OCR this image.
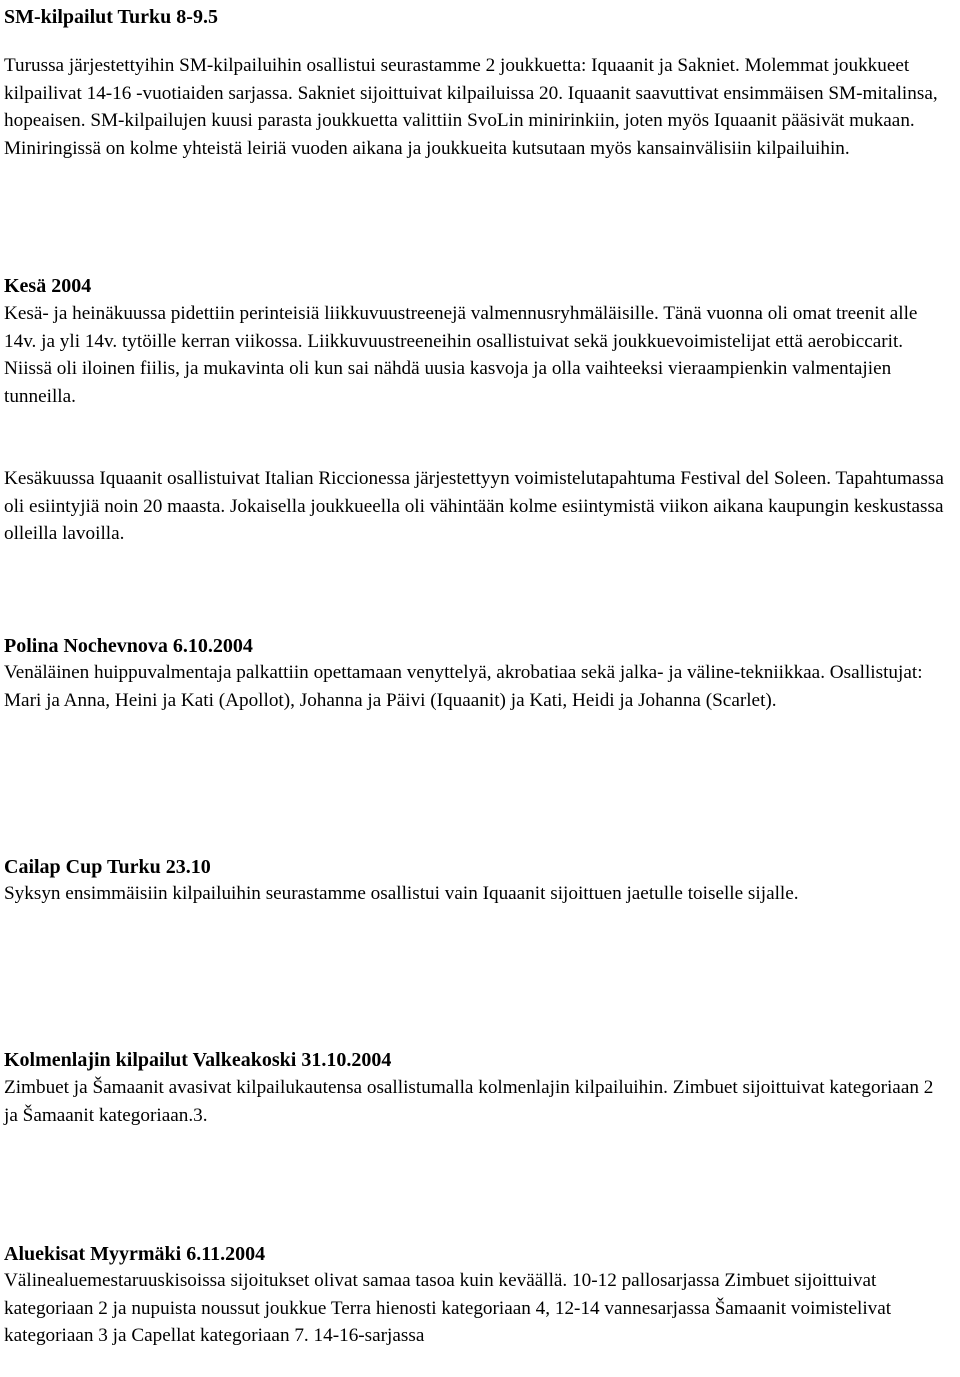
SM-kilpailut Turku 8-9.5

Turussa järjestettyihin SM-kilpailuihin osallistui seurastamme 2 joukkuetta: Iquaanit ja Sakniet. Molemmat joukkueet kilpailivat 14-16 -vuotiaiden sarjassa. Sakniet sijoittuivat kilpailuissa 20. Iquaanit saavuttivat ensimmäisen SM-mitalinsa, hopeaisen. SM-kilpailujen kuusi parasta joukkuetta valittiin SvoLin minirinkiin, joten myös Iquaanit pääsivät mukaan. Miniringissä on kolme yhteistä leiriä vuoden aikana ja joukkueita kutsutaan myös kansainvälisiin kilpailuihin.

Kesä 2004

Kesä- ja heinäkuussa pidettiin perinteisiä liikkuvuustreenejä valmennusryhmäläisille. Tänä vuonna oli omat treenit alle 14v. ja yli 14v. tytöille kerran viikossa. Liikkuvuustreeneihin osallistuivat sekä joukkuevoimistelijat että aerobiccarit. Niissä oli iloinen fiilis, ja mukavinta oli kun sai nähdä uusia kasvoja ja olla vaihteeksi vieraampienkin valmentajien tunneilla.

Kesäkuussa Iquaanit osallistuivat Italian Riccionessa järjestettyyn voimistelutapahtuma Festival del Soleen. Tapahtumassa oli esiintyjiä noin 20 maasta. Jokaisella joukkueella oli vähintään kolme esiintymistä viikon aikana kaupungin keskustassa olleilla lavoilla.

Polina Nochevnova 6.10.2004

Venäläinen huippuvalmentaja palkattiin opettamaan venyttelyä, akrobatiaa sekä jalka- ja väline-tekniikkaa. Osallistujat: Mari ja Anna, Heini ja Kati (Apollot), Johanna ja Päivi (Iquaanit) ja Kati, Heidi ja Johanna (Scarlet).

Cailap Cup Turku 23.10

Syksyn ensimmäisiin kilpailuihin seurastamme osallistui vain Iquaanit sijoittuen jaetulle toiselle sijalle.

Kolmenlajin kilpailut Valkeakoski 31.10.2004

Zimbuet ja Šamaanit avasivat kilpailukautensa osallistumalla kolmenlajin kilpailuihin. Zimbuet sijoittuivat kategoriaan 2 ja Šamaanit kategoriaan.3.

Aluekisat Myyrmäki 6.11.2004

Välinealuemestaruuskisoissa sijoitukset olivat samaa tasoa kuin keväällä. 10-12 pallosarjassa Zimbuet sijoittuivat kategoriaan 2 ja nupuista noussut joukkue Terra hienosti kategoriaan 4, 12-14 vannesarjassa Šamaanit voimistelivat kategoriaan 3 ja Capellat kategoriaan 7. 14-16-sarjassa
